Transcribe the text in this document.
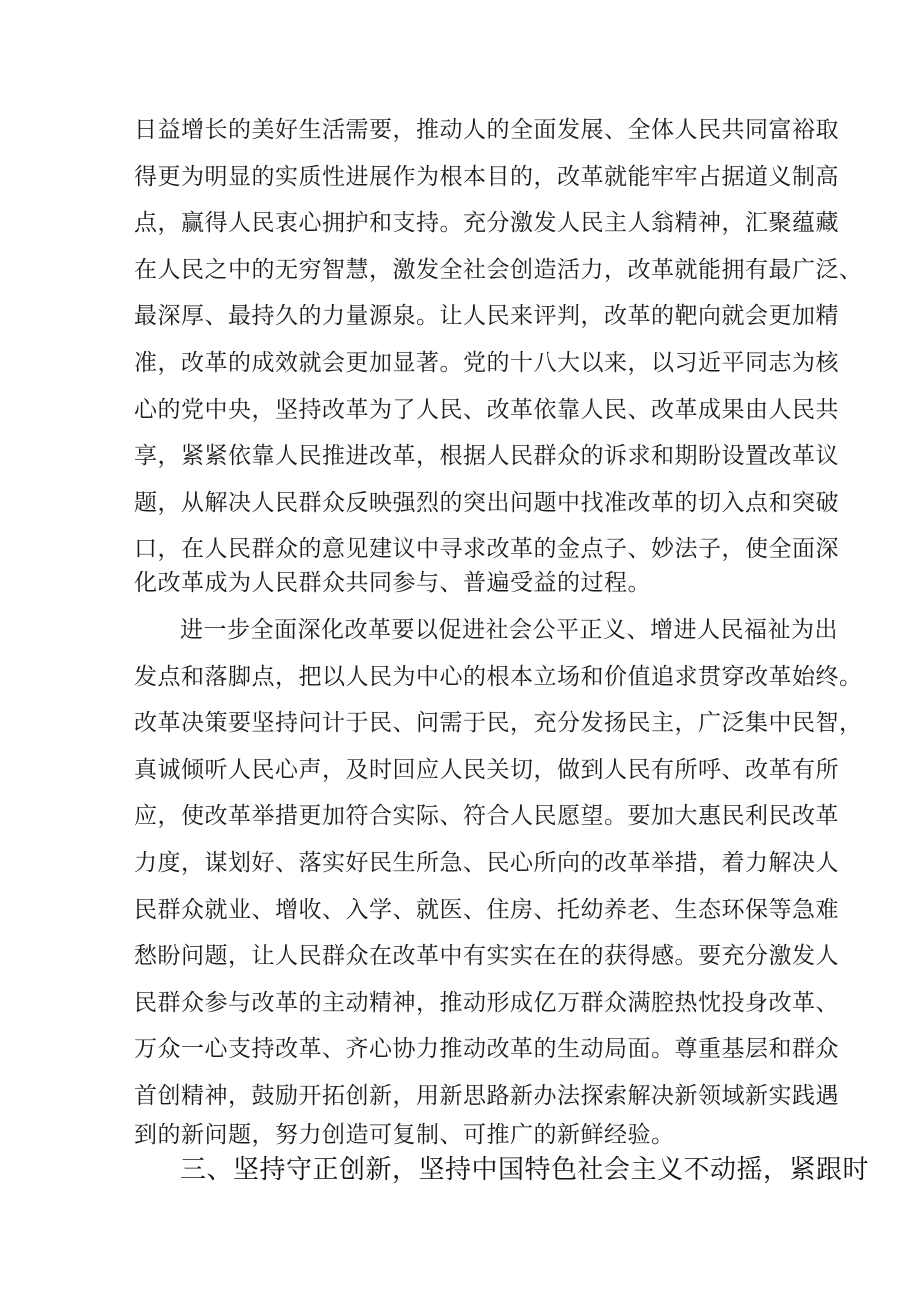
日益增长的美好生活需要，推动人的全面发展、全体人民共同富裕取
得更为明显的实质性进展作为根本目的，改革就能牢牢占据道义制高
点，赢得人民衷心拥护和支持。充分激发人民主人翁精神，汇聚蕴藏
在人民之中的无穷智慧，激发全社会创造活力，改革就能拥有最广泛、
最深厚、最持久的力量源泉。让人民来评判，改革的靶向就会更加精
准，改革的成效就会更加显著。党的十八大以来，以习近平同志为核
心的党中央，坚持改革为了人民、改革依靠人民、改革成果由人民共
享，紧紧依靠人民推进改革，根据人民群众的诉求和期盼设置改革议
题，从解决人民群众反映强烈的突出问题中找准改革的切入点和突破
口，在人民群众的意见建议中寻求改革的金点子、妙法子，使全面深
化改革成为人民群众共同参与、普遍受益的过程。
进一步全面深化改革要以促进社会公平正义、增进人民福祉为出
发点和落脚点，把以人民为中心的根本立场和价值追求贯穿改革始终。
改革决策要坚持问计于民、问需于民，充分发扬民主，广泛集中民智，
真诚倾听人民心声，及时回应人民关切，做到人民有所呼、改革有所
应，使改革举措更加符合实际、符合人民愿望。要加大惠民利民改革
力度，谋划好、落实好民生所急、民心所向的改革举措，着力解决人
民群众就业、增收、入学、就医、住房、托幼养老、生态环保等急难
愁盼问题，让人民群众在改革中有实实在在的获得感。要充分激发人
民群众参与改革的主动精神，推动形成亿万群众满腔热忱投身改革、
万众一心支持改革、齐心协力推动改革的生动局面。尊重基层和群众
首创精神，鼓励开拓创新，用新思路新办法探索解决新领域新实践遇
到的新问题，努力创造可复制、可推广的新鲜经验。
三、坚持守正创新，坚持中国特色社会主义不动摇，紧跟时
